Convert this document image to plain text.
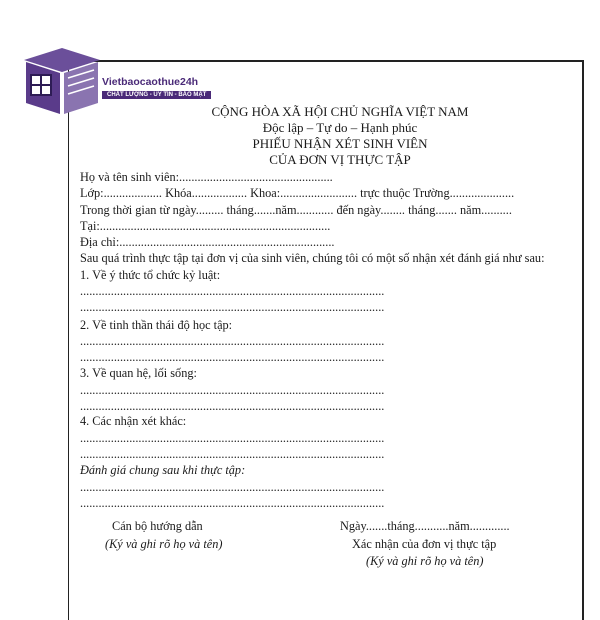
Vietbaocaothue24h
CHẤT LƯỢNG - UY TÍN - BẢO MẬT
CỘNG HÒA XÃ HỘI CHỦ NGHĨA VIỆT NAM
Độc lập – Tự do – Hạnh phúc
PHIẾU NHẬN XÉT SINH VIÊN
CỦA ĐƠN VỊ THỰC TẬP
Họ và tên sinh viên:..................................................
Lớp:................... Khóa.................. Khoa:......................... trực thuộc Trường.....................
Trong thời gian từ ngày......... tháng.......năm............ đến ngày........ tháng....... năm..........
Tại:...........................................................................
Địa chỉ:......................................................................
Sau quá trình thực tập tại đơn vị của sinh viên, chúng tôi có một số nhận xét đánh giá như sau:
1. Về ý thức tổ chức kỷ luật:
...................................................................................................
...................................................................................................
2. Về tinh thần thái độ học tập:
...................................................................................................
...................................................................................................
3. Về quan hệ, lối sống:
...................................................................................................
...................................................................................................
4. Các nhận xét khác:
...................................................................................................
...................................................................................................
Đánh giá chung sau khi thực tập:
...................................................................................................
...................................................................................................
Cán bộ hướng dẫn
(Ký và ghi rõ họ và tên)
Ngày.......tháng...........năm.............
Xác nhận của đơn vị thực tập
(Ký và ghi rõ họ và tên)
